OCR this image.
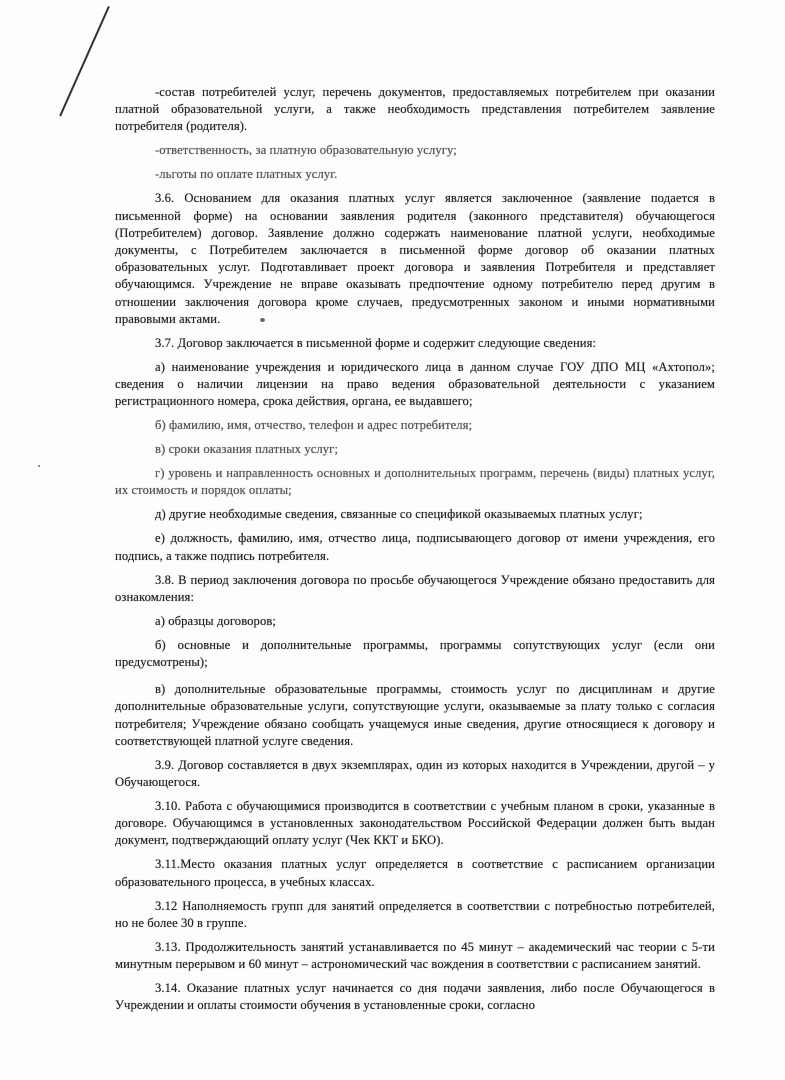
-состав потребителей услуг, перечень документов, предоставляемых потребителем при оказании платной образовательной услуги, а также необходимость представления потребителем заявление потребителя (родителя).

-ответственность, за платную образовательную услугу;

-льготы по оплате платных услуг.

3.6. Основанием для оказания платных услуг является заключенное (заявление подается в письменной форме) на основании заявления родителя (законного представителя) обучающегося (Потребителем) договор. Заявление должно содержать наименование платной услуги, необходимые документы, с Потребителем заключается в письменной форме договор об оказании платных образовательных услуг. Подготавливает проект договора и заявления Потребителя и представляет обучающимся. Учреждение не вправе оказывать предпочтение одному потребителю перед другим в отношении заключения договора кроме случаев, предусмотренных законом и иными нормативными правовыми актами.

3.7. Договор заключается в письменной форме и содержит следующие сведения:

а) наименование учреждения и юридического лица в данном случае ГОУ ДПО МЦ «Ахтопол»; сведения о наличии лицензии на право ведения образовательной деятельности с указанием регистрационного номера, срока действия, органа, ее выдавшего;

б) фамилию, имя, отчество, телефон и адрес потребителя;

в) сроки оказания платных услуг;

г) уровень и направленность основных и дополнительных программ, перечень (виды) платных услуг, их стоимость и порядок оплаты;

д) другие необходимые сведения, связанные со спецификой оказываемых платных услуг;

е) должность, фамилию, имя, отчество лица, подписывающего договор от имени учреждения, его подпись, а также подпись потребителя.

3.8. В период заключения договора по просьбе обучающегося Учреждение обязано предоставить для ознакомления:

а) образцы договоров;

б) основные и дополнительные программы, программы сопутствующих услуг (если они предусмотрены);

в) дополнительные образовательные программы, стоимость услуг по дисциплинам и другие дополнительные образовательные услуги, сопутствующие услуги, оказываемые за плату только с согласия потребителя; Учреждение обязано сообщать учащемуся иные сведения, другие относящиеся к договору и соответствующей платной услуге сведения.

3.9. Договор составляется в двух экземплярах, один из которых находится в Учреждении, другой – у Обучающегося.

3.10. Работа с обучающимися производится в соответствии с учебным планом в сроки, указанные в договоре. Обучающимся в установленных законодательством Российской Федерации должен быть выдан документ, подтверждающий оплату услуг (Чек ККТ и БКО).

3.11.Место оказания платных услуг определяется в соответствие с расписанием организации образовательного процесса, в учебных классах.

3.12 Наполняемость групп для занятий определяется в соответствии с потребностью потребителей, но не более 30 в группе.

3.13. Продолжительность занятий устанавливается по 45 минут – академический час теории с 5-ти минутным перерывом и 60 минут – астрономический час вождения в соответствии с расписанием занятий.

3.14. Оказание платных услуг начинается со дня подачи заявления, либо после Обучающегося в Учреждении и оплаты стоимости обучения в установленные сроки, согласно
